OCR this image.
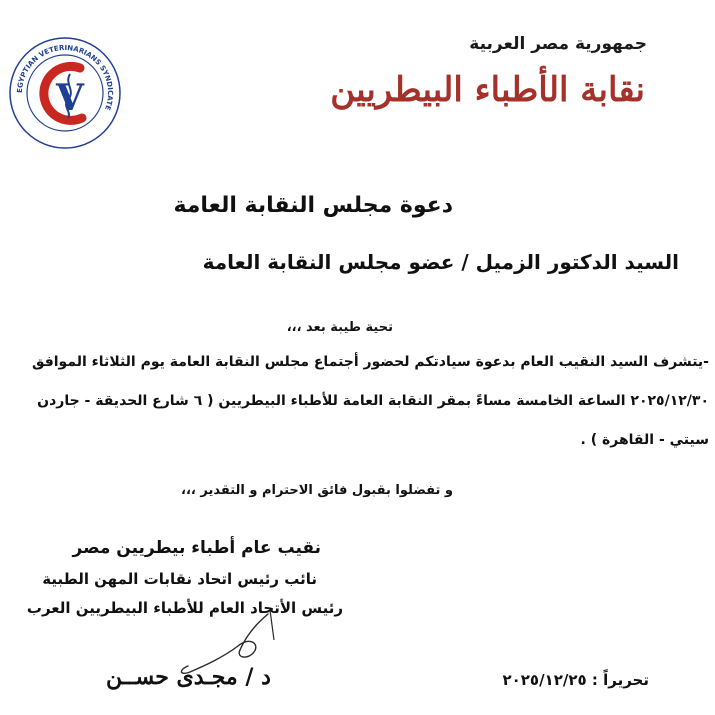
جمهورية مصر العربية
نقابة الأطباء البيطريين
EGYPTIAN VETERINARIANS SYNDICATE
V
دعوة مجلس النقابة العامة
السيد الدكتور الزميل / عضو مجلس النقابة العامة
تحية طيبة بعد ،،،
-يتشرف السيد النقيب العام بدعوة سيادتكم لحضور أجتماع مجلس النقابة العامة يوم الثلاثاء الموافق
٢٠٢٥/١٢/٣٠ الساعة الخامسة مساءً بمقر النقابة العامة للأطباء البيطريين ( ٦ شارع الحديقة - جاردن
سيتي - القاهرة ) .
و تفضلوا بقبول فائق الاحترام و التقدير ،،،
نقيب عام أطباء بيطريين مصر
نائب رئيس اتحاد نقابات المهن الطبية
رئيس الأتحاد العام للأطباء البيطريين العرب
د / مجـدى حســن	تحريراً : ٢٠٢٥/١٢/٢٥
